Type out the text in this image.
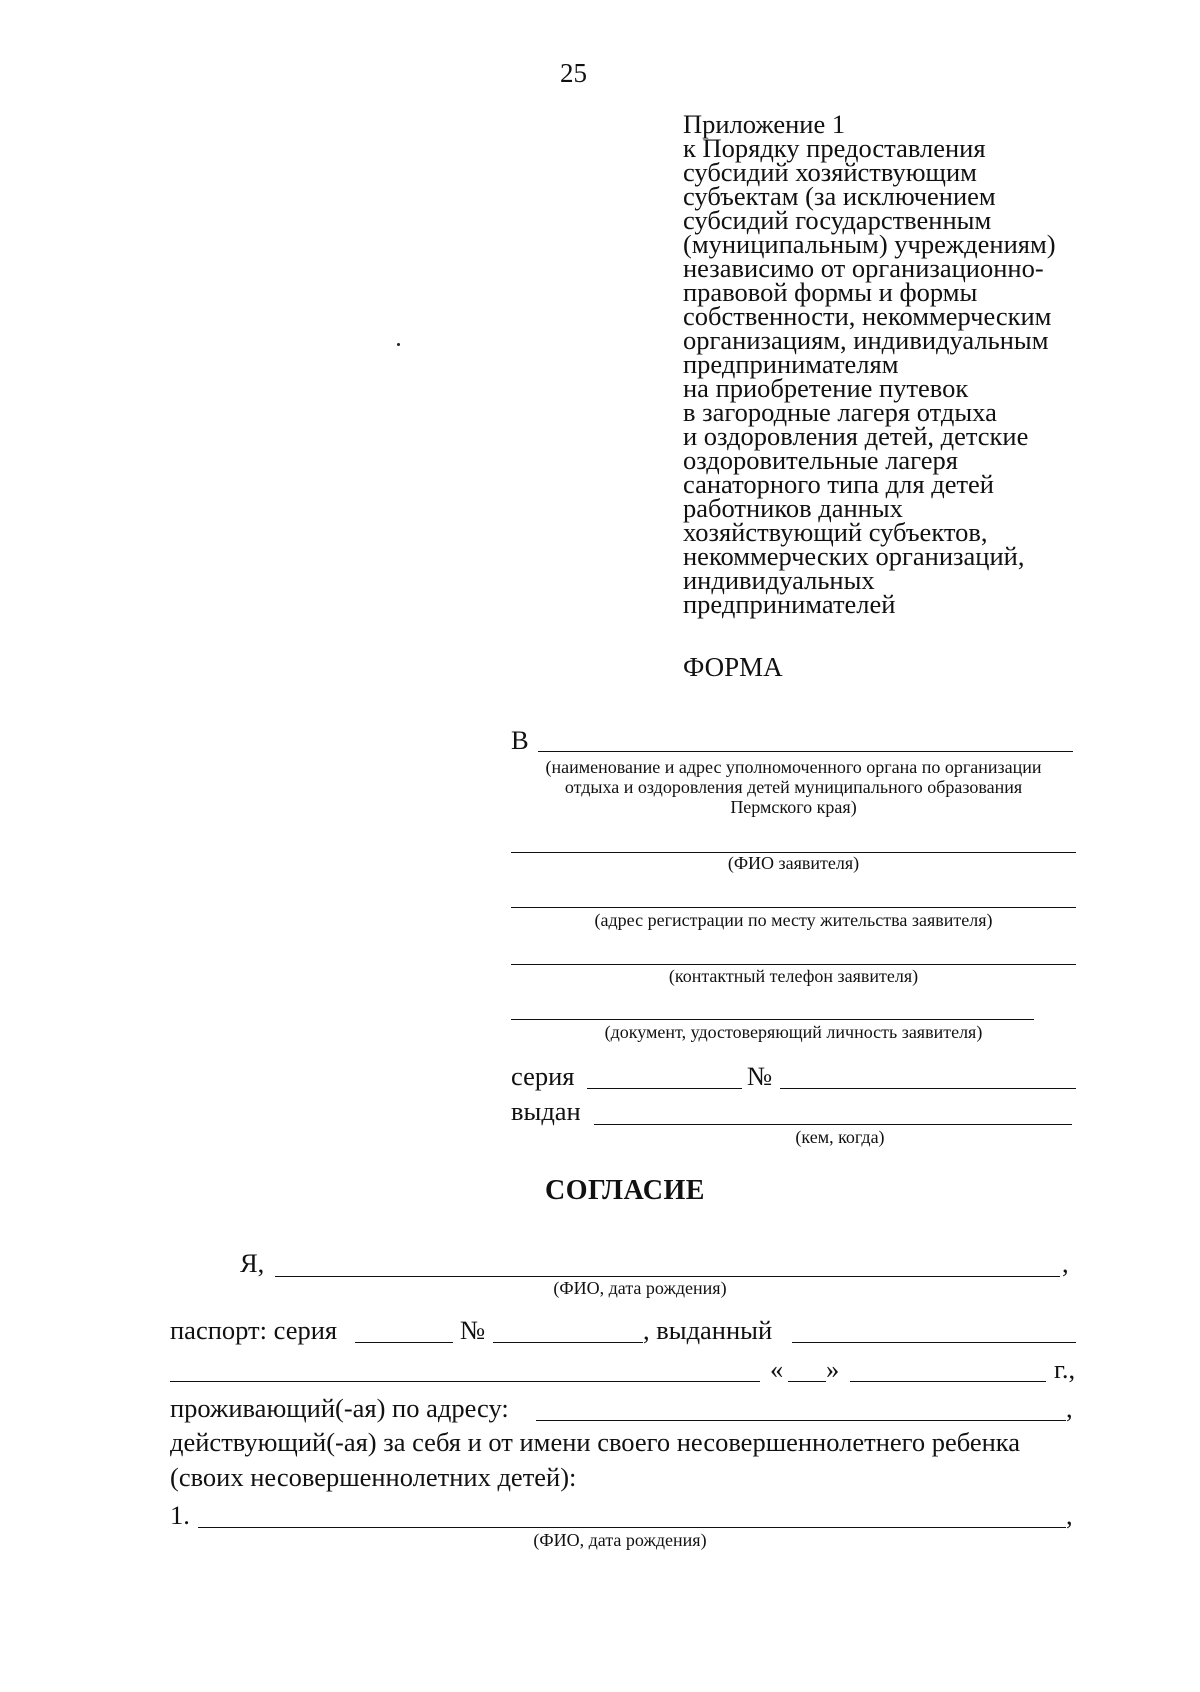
25
Приложение 1
к Порядку предоставления
субсидий хозяйствующим
субъектам (за исключением
субсидий государственным
(муниципальным) учреждениям)
независимо от организационно-
правовой формы и формы
собственности, некоммерческим
организациям, индивидуальным
предпринимателям
на приобретение путевок
в загородные лагеря отдыха
и оздоровления детей, детские
оздоровительные лагеря
санаторного типа для детей
работников данных
хозяйствующий субъектов,
некоммерческих организаций,
индивидуальных
предпринимателей
ФОРМА
В
(наименование и адрес уполномоченного органа по организации
отдыха и оздоровления детей муниципального образования
Пермского края)
(ФИО заявителя)
(адрес регистрации по месту жительства заявителя)
(контактный телефон заявителя)
(документ, удостоверяющий личность заявителя)
серия	№
выдан
(кем, когда)
СОГЛАСИЕ
Я,	,
(ФИО, дата рождения)
паспорт: серия	№	, выданный
« »	г.,
проживающий(-ая) по адресу:	,
действующий(-ая) за себя и от имени своего несовершеннолетнего ребенка
(своих несовершеннолетних детей):
1.	,
(ФИО, дата рождения)
